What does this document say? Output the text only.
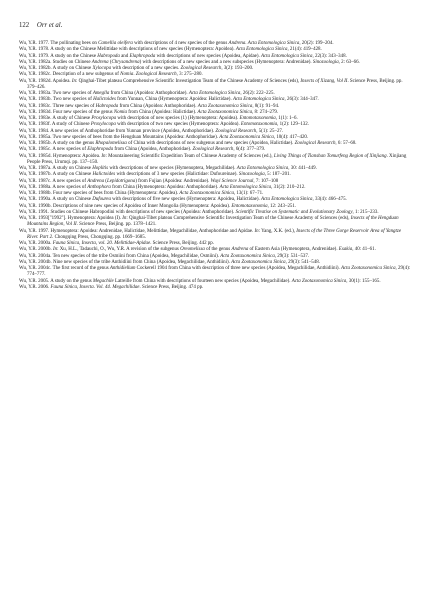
122 Orr et al.
Wu, Y.R. 1977. The pollinating bees on Camellia oleifera with descriptions of 4 new species of the genus Andrena. Acta Entomologica Sinica, 20(2): 199–204.
Wu, Y.R. 1978. A study on the Chinese Melittidae with descriptions of new species (Hymenoptera: Apoidea). Acta Entomologica Sinica, 21(4): 419–428.
Wu, Y.R. 1979. A study on the Chinese Habropoda and Elaphropoda with descriptions of new species (Apoidea, Apidae). Acta Entomologica Sinica, 22(3): 343–348.
Wu, Y.R. 1982a. Studies on Chinese Andrena (Chrysandrena) with descriptions of a new species and a new subspecies (Hymenoptera: Andrenidae). Sinozoologia, 2: 63–66.
Wu, Y.R. 1982b. A study on Chinese Xylocopa with description of a new species. Zoological Research, 3(2): 193–200.
Wu, Y.R. 1982c. Description of a new subgenus of Nomia. Zoological Research, 3: 275–280.
Wu, Y.R. 1982d. Apoidea. In: Qinghai-Tibet plateau Comprehensive Scientific Investigation Team of the Chinese Academy of Sciences (eds), Insects of Xizang, Vol II. Science Press, Beijing. pp. 379–426.
Wu, Y.R. 1983a. Two new species of Ameglla from China (Apoidea: Anthophoridae). Acta Entomologica Sinica, 26(2): 222–225.
Wu, Y.R. 1983b. Two new species of Halictoides from Yunnan, China (Hymenoptera: Apoidea: Halictidae). Acta Entomologica Sinica, 26(3): 344–347.
Wu, Y.R. 1983c. Three new species of Habropoda from China (Apoidea: Anthophoridae). Acta Zootaxonomica Sinica, 8(1): 91–94.
Wu, Y.R. 1983d. Four new species of the genus Nomia from China (Apoidea: Halictidae). Acta Zootaxonomica Sinica, 8: 274–279.
Wu, Y.R. 1983e. A study of Chinese Prosylocopa with description of new species (1) (Hymenoptera: Apoidea). Entomotaxonomia, 1(1): 1–6.
Wu, Y.R. 1983f. A study of Chinese Proxylocopa with description of two new species (Hymenoptera: Apoidea). Entomotaxonomia, 1(2): 129–132.
Wu, Y.R. 1984. A new species of Anthophoridae from Yunnan province (Apoidea, Anthophoridae). Zoological Research, 5(1): 25–27.
Wu, Y.R. 1985a. Two new species of bees from the Hengduan Mountains (Apoidea: Anthophoridae). Acta Zootaxonomica Sinica, 10(4): 417–420.
Wu, Y.R. 1985b. A study on the genus Rhopalomelissa of China with descriptions of new subgenus and new species (Apoidea, Halictidae). Zoological Research, 6: 57–68.
Wu, Y.R. 1985c. A new species of Elaphropoda from China (Apoidea, Anthophoridae). Zoological Research, 6(4): 377–379.
Wu, Y.R. 1985d. Hymenoptera: Apoidea. In: Mountaineering Scientific Expedition Team of Chinese Academy of Sciences (ed.), Living Things of Tianshan Tomurfeng Region of Xinjiang. Xinjiang People Press, Urumqi. pp. 137–150.
Wu, Y.R. 1987a. A study on Chinese Hoplitis with descriptions of new species (Hymenoptera, Megachilidae). Acta Entomologica Sinica, 30: 441–449.
Wu, Y.R. 1987b. A study on Chinese Halictoides with descriptions of 3 new species (Halictidae: Dufoureinae). Sinozoologia, 5: 187–201.
Wu, Y.R. 1987c. A new species of Andrena (Lepidotrigona) from Fujian (Apoidea: Andrenidae). Wuyi Science Journal, 7: 107–108
Wu, Y.R. 1988a. A new species of Anthophora from China (Hymenoptera: Apoidea: Anthophoridae). Acta Entomologica Sinica, 31(2): 210–212.
Wu, Y.R. 1988b. Four new species of bees from China (Hymenoptera: Apoidea). Acta Zootaxonomica Sinica, 13(1): 67–71.
Wu, Y.R. 1990a. A study on Chinese Dufourea with descriptions of five new species (Hymenoptera: Apoidea, Halictidae). Acta Entomologica Sinica, 33(4): 466–475.
Wu, Y.R. 1990b. Descriptions of nine new species of Apoidea of Inner Mongolia (Hymenoptera: Apoidea). Entomotaxonomia, 12: 243–251.
Wu, Y.R. 1991. Studies on Chinese Habropodini with descriptions of new species (Apoidea: Anthophoridae). Scientific Treatise on Systematic and Evolutionary Zoology, 1: 215–233.
Wu, Y.R. 1993["1992"]. Hymenoptera: Apoidea (I). In: Qinghai-Tibet plateau Comprehensive Scientific Investigation Team of the Chinese Academy of Sciences (eds), Insects of the Hengduan Mountains Region, Vol II. Science Press, Beijing. pp. 1378–1421.
Wu, Y.R. 1997. Hymenoptera: Apoidea: Andrenidae, Halictidae, Melittidae, Megachilidae, Anthophoridae and Apidae. In: Yang, X.K. (ed.), Insects of the Three Gorge Reservoir Area of Yangtze River. Part 2. Chongqing Press, Chongqing. pp. 1669–1685.
Wu, Y.R. 2000a. Fauna Sinica, Insecta, vol. 20. Melittidae-Apidae. Science Press, Beijing. 442 pp.
Wu, Y.R. 2000b. In: Xu, H.L., Tadauchi, O., Wu, Y.R. A revision of the subgenus Oreomelissa of the genus Andrena of Eastern Asia (Hymenoptera, Andrenidae). Esakia, 40: 41–61.
Wu, Y.R. 2004a. Ten new species of the tribe Osmiini from China (Apoidea, Megachilidae, Osmiini). Acta Zootaxonomica Sinica, 29(3): 531–537.
Wu, Y.R. 2004b. Nine new species of the tribe Anthidiini from China (Apoidea, Megachilidae, Anthidiini). Acta Zootaxonomica Sinica, 29(3): 541–548.
Wu, Y.R. 2004c. The first record of the genus Anthidiellum Cockerell 1904 from China with description of three new species (Apoidea, Megachilidae, Anthidiini). Acta Zootaxonomica Sinica, 29(4): 774–777.
Wu, Y.R. 2005. A study on the genus Megachile Latreille from China with descriptions of fourteen new species (Apoidea, Megachilidae). Acta Zootaxonomica Sinica, 30(1): 155–165.
Wu, Y.R. 2006. Fauna Sinica, Insecta. Vol. 44. Megachilidae. Science Press, Beijing. 474 pp.
